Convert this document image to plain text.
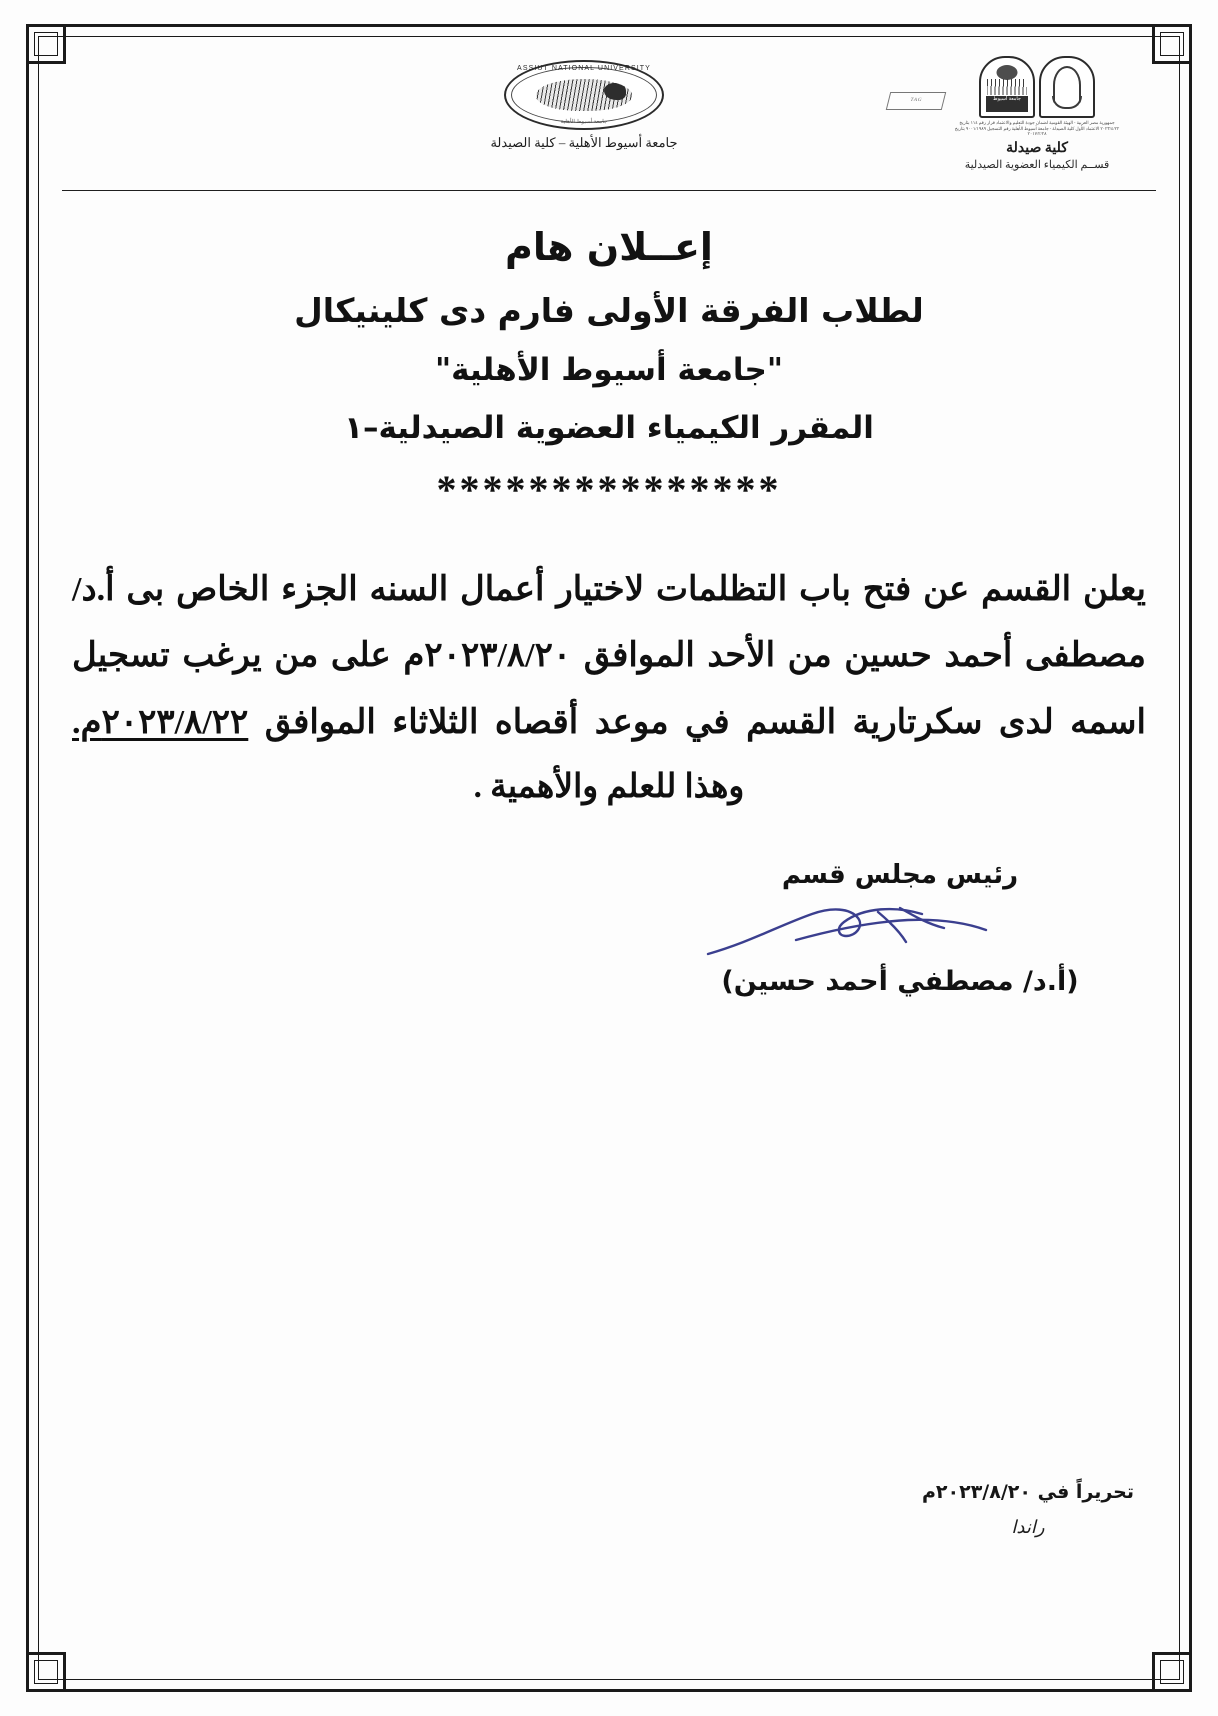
ASSIUT NATIONAL UNIVERSITY
جامعة أسيوط الأهلية
جامعة أسيوط الأهلية – كلية الصيدلة
جامعة أسيوط
TAG
جمهورية مصر العربية - الهيئة القومية لضمان جودة التعليم والاعتماد قرار رقم ١١٤ بتاريخ ٢٠٢٣/٤/٢٢ الاعتماد الأول كلية الصيدلة - جامعة أسيوط الأهلية رقم التسجيل ٩٠٠١/١٩٨٩ بتاريخ ٢٠١٧/٢/٢٨
كلية صيدلة
قســم الكيمياء العضوية الصيدلية
إعــلان هام
لطلاب الفرقة الأولى فارم دى كلينيكال
"جامعة أسيوط الأهلية"
المقرر الكيمياء العضوية الصيدلية–١
***************
يعلن القسم عن فتح باب التظلمات لاختيار أعمال السنه الجزء الخاص بى أ.د/ مصطفى أحمد حسين من الأحد الموافق ٢٠٢٣/٨/٢٠م على من يرغب تسجيل اسمه لدى سكرتارية القسم في موعد أقصاه الثلاثاء الموافق ٢٠٢٣/٨/٢٢م.
وهذا للعلم والأهمية .
رئيس مجلس قسم
(أ.د/ مصطفي أحمد حسين)
تحريراً في ٢٠٢٣/٨/٢٠م
راندا
